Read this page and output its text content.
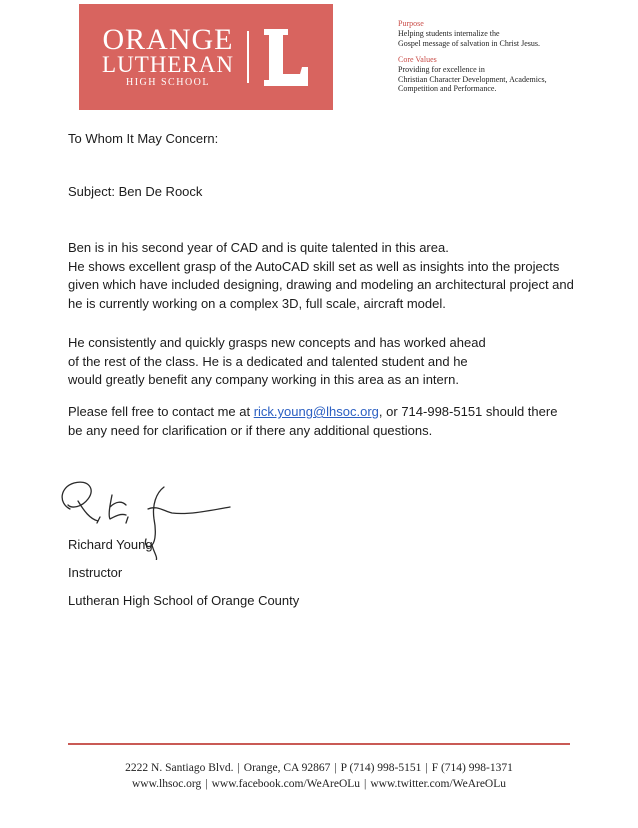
ORANGE
LUTHERAN
HIGH SCHOOL
Purpose
Helping students internalize the
Gospel message of salvation in Christ Jesus.
Core Values
Providing for excellence in
Christian Character Development, Academics,
Competition and Performance.
To Whom It May Concern:
Subject: Ben De Roock
Ben is in his second year of CAD and is quite talented in this area.
He shows excellent grasp of the AutoCAD skill set as well as insights into the projects
given which have included designing, drawing and modeling an architectural project and
he is currently working on a complex 3D, full scale, aircraft model.
He consistently and quickly grasps new concepts and has worked ahead
of the rest of the class. He is a dedicated and talented student and he
would greatly benefit any company working in this area as an intern.
Please fell free to contact me at rick.young@lhsoc.org, or 714-998-5151 should there
be any need for clarification or if there any additional questions.
Richard Young
Instructor
Lutheran High School of Orange County
2222 N. Santiago Blvd. | Orange, CA 92867 | P (714) 998-5151 | F (714) 998-1371
www.lhsoc.org | www.facebook.com/WeAreOLu | www.twitter.com/WeAreOLu
